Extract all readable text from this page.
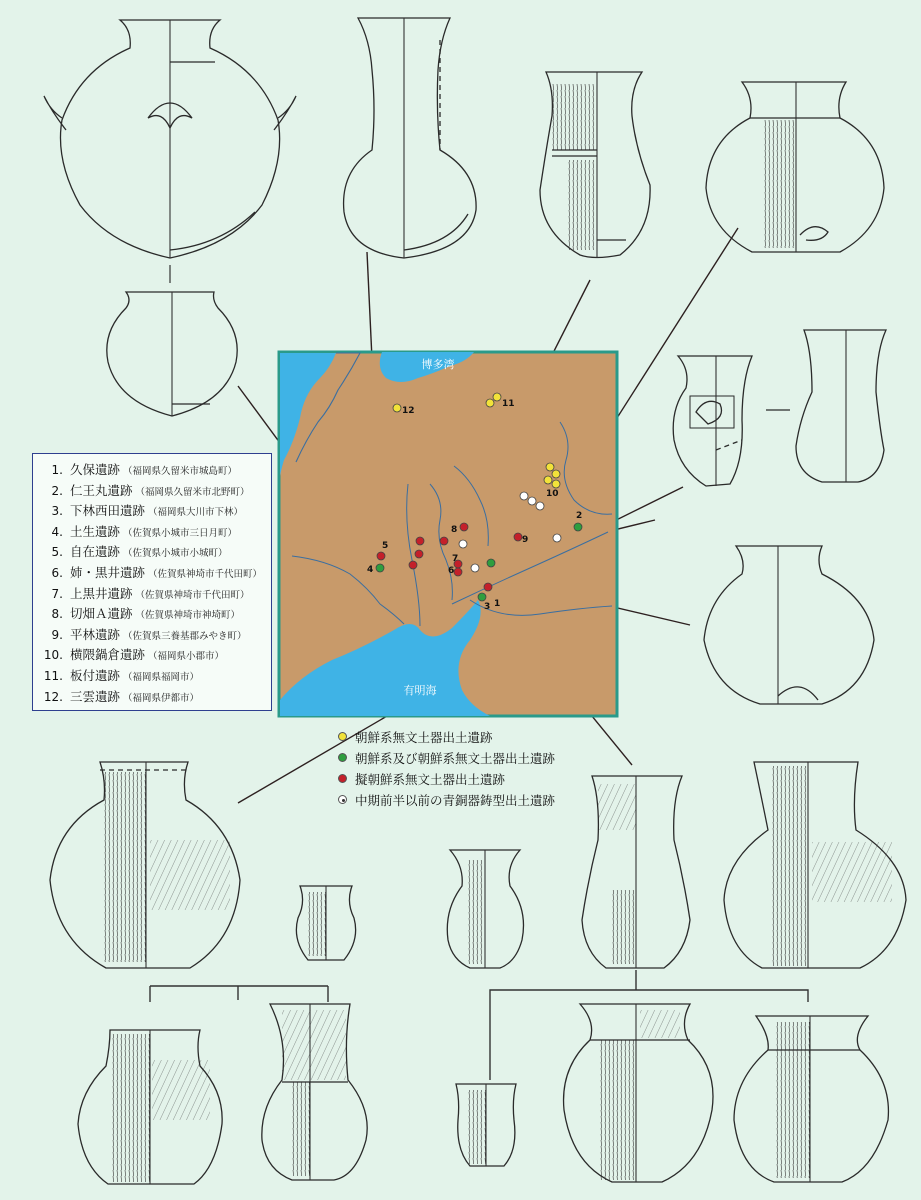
博多湾
有明海
1
2
3
4
5
6
7
8
9
10
11
12
1. 久保遺跡 （福岡県久留米市城島町）
2. 仁王丸遺跡 （福岡県久留米市北野町）
3. 下林西田遺跡 （福岡県大川市下林）
4. 土生遺跡 （佐賀県小城市三日月町）
5. 自在遺跡 （佐賀県小城市小城町）
6. 姉・黒井遺跡 （佐賀県神埼市千代田町）
7. 上黒井遺跡 （佐賀県神埼市千代田町）
8. 切畑Ａ遺跡 （佐賀県神埼市神埼町）
9. 平林遺跡 （佐賀県三養基郡みやき町）
10. 横隈鍋倉遺跡 （福岡県小郡市）
11. 板付遺跡 （福岡県福岡市）
12. 三雲遺跡 （福岡県伊都市）
朝鮮系無文土器出土遺跡
朝鮮系及び朝鮮系無文土器出土遺跡
擬朝鮮系無文土器出土遺跡
中期前半以前の青銅器鋳型出土遺跡
